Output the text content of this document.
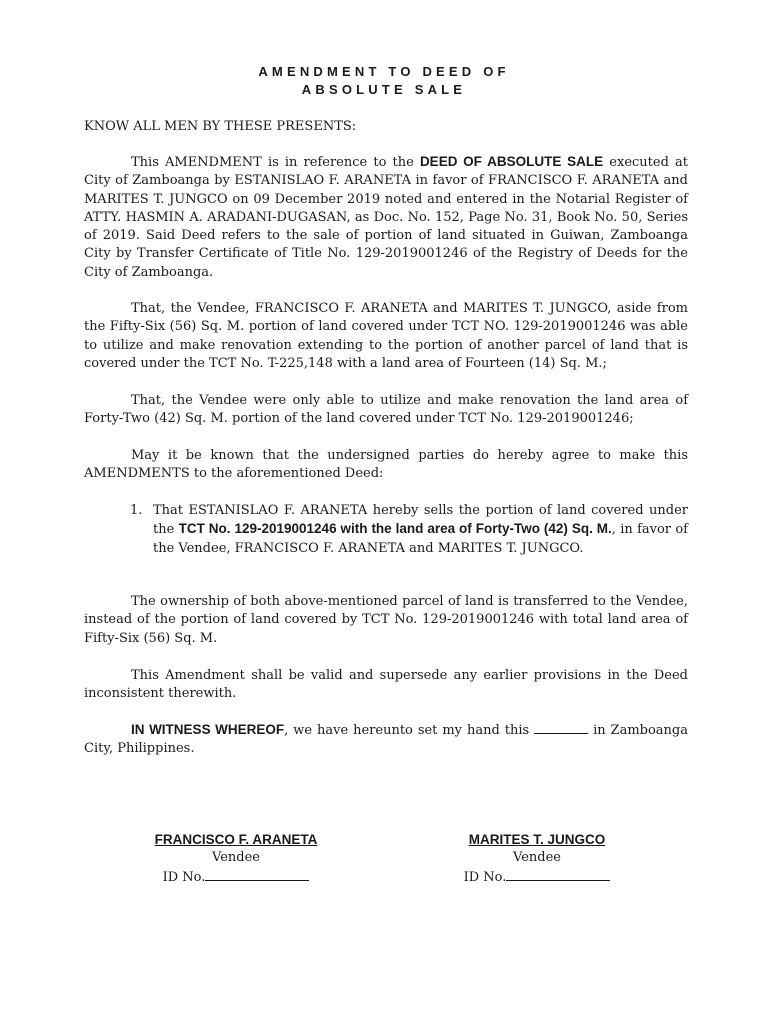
AMENDMENT TO DEED OF
ABSOLUTE SALE

KNOW ALL MEN BY THESE PRESENTS:

This AMENDMENT is in reference to the DEED OF ABSOLUTE SALE executed at City of Zamboanga by ESTANISLAO F. ARANETA in favor of FRANCISCO F. ARANETA and MARITES T. JUNGCO on 09 December 2019 noted and entered in the Notarial Register of ATTY. HASMIN A. ARADANI-DUGASAN, as Doc. No. 152, Page No. 31, Book No. 50, Series of 2019. Said Deed refers to the sale of portion of land situated in Guiwan, Zamboanga City by Transfer Certificate of Title No. 129-2019001246 of the Registry of Deeds for the City of Zamboanga.

That, the Vendee, FRANCISCO F. ARANETA and MARITES T. JUNGCO, aside from the Fifty-Six (56) Sq. M. portion of land covered under TCT NO. 129-2019001246 was able to utilize and make renovation extending to the portion of another parcel of land that is covered under the TCT No. T-225,148 with a land area of Fourteen (14) Sq. M.;

That, the Vendee were only able to utilize and make renovation the land area of Forty-Two (42) Sq. M. portion of the land covered under TCT No. 129-2019001246;

May it be known that the undersigned parties do hereby agree to make this AMENDMENTS to the aforementioned Deed:

1. That ESTANISLAO F. ARANETA hereby sells the portion of land covered under the TCT No. 129-2019001246 with the land area of Forty-Two (42) Sq. M., in favor of the Vendee, FRANCISCO F. ARANETA and MARITES T. JUNGCO.

The ownership of both above-mentioned parcel of land is transferred to the Vendee, instead of the portion of land covered by TCT No. 129-2019001246 with total land area of Fifty-Six (56) Sq. M.

This Amendment shall be valid and supersede any earlier provisions in the Deed inconsistent therewith.

IN WITNESS WHEREOF, we have hereunto set my hand this	in Zamboanga City, Philippines.

FRANCISCO F. ARANETA
Vendee
ID No.
MARITES T. JUNGCO
Vendee
ID No.
